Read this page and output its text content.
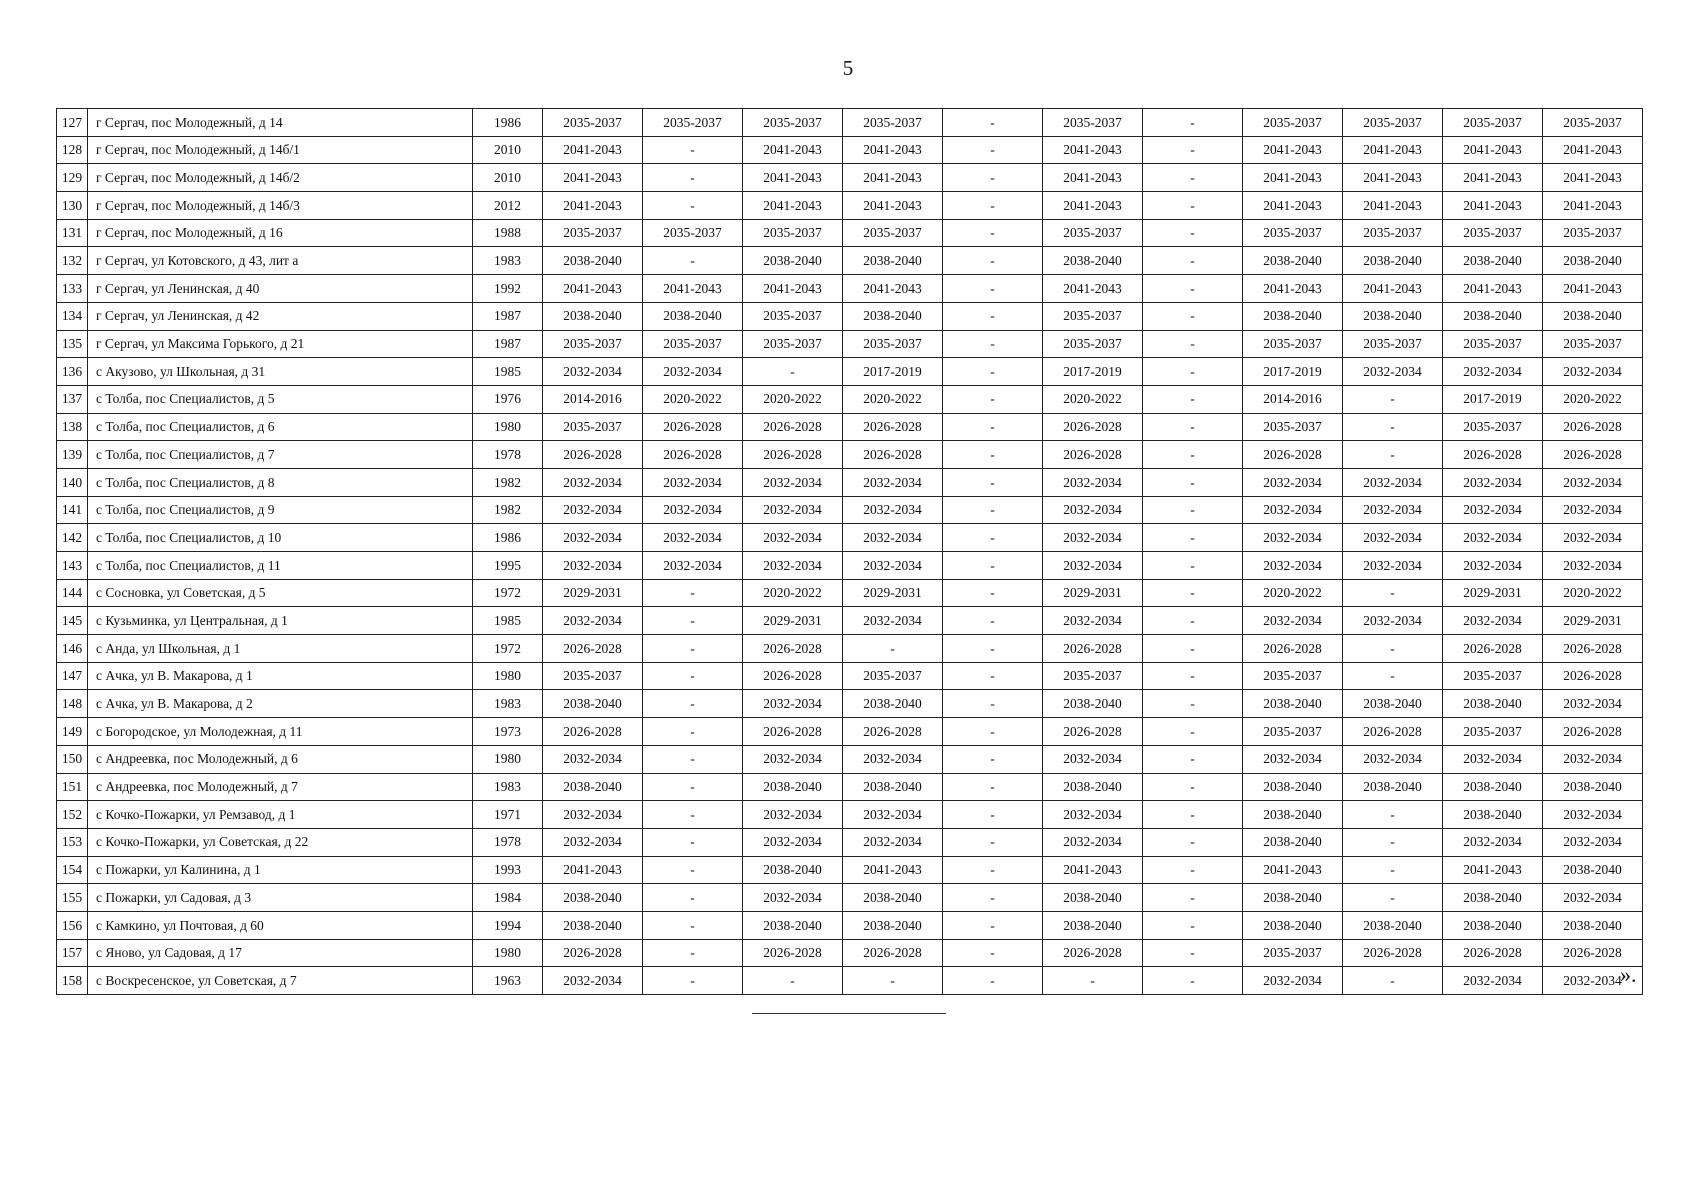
5
127	г Сергач, пос Молодежный, д 14	1986	2035-2037	2035-2037	2035-2037	2035-2037	-	2035-2037	-	2035-2037	2035-2037	2035-2037	2035-2037
128	г Сергач, пос Молодежный, д 14б/1	2010	2041-2043	-	2041-2043	2041-2043	-	2041-2043	-	2041-2043	2041-2043	2041-2043	2041-2043
129	г Сергач, пос Молодежный, д 14б/2	2010	2041-2043	-	2041-2043	2041-2043	-	2041-2043	-	2041-2043	2041-2043	2041-2043	2041-2043
130	г Сергач, пос Молодежный, д 14б/3	2012	2041-2043	-	2041-2043	2041-2043	-	2041-2043	-	2041-2043	2041-2043	2041-2043	2041-2043
131	г Сергач, пос Молодежный, д 16	1988	2035-2037	2035-2037	2035-2037	2035-2037	-	2035-2037	-	2035-2037	2035-2037	2035-2037	2035-2037
132	г Сергач, ул Котовского, д 43, лит а	1983	2038-2040	-	2038-2040	2038-2040	-	2038-2040	-	2038-2040	2038-2040	2038-2040	2038-2040
133	г Сергач, ул Ленинская, д 40	1992	2041-2043	2041-2043	2041-2043	2041-2043	-	2041-2043	-	2041-2043	2041-2043	2041-2043	2041-2043
134	г Сергач, ул Ленинская, д 42	1987	2038-2040	2038-2040	2035-2037	2038-2040	-	2035-2037	-	2038-2040	2038-2040	2038-2040	2038-2040
135	г Сергач, ул Максима Горького, д 21	1987	2035-2037	2035-2037	2035-2037	2035-2037	-	2035-2037	-	2035-2037	2035-2037	2035-2037	2035-2037
136	с Акузово, ул Школьная, д 31	1985	2032-2034	2032-2034	-	2017-2019	-	2017-2019	-	2017-2019	2032-2034	2032-2034	2032-2034
137	с Толба, пос Специалистов, д 5	1976	2014-2016	2020-2022	2020-2022	2020-2022	-	2020-2022	-	2014-2016	-	2017-2019	2020-2022
138	с Толба, пос Специалистов, д 6	1980	2035-2037	2026-2028	2026-2028	2026-2028	-	2026-2028	-	2035-2037	-	2035-2037	2026-2028
139	с Толба, пос Специалистов, д 7	1978	2026-2028	2026-2028	2026-2028	2026-2028	-	2026-2028	-	2026-2028	-	2026-2028	2026-2028
140	с Толба, пос Специалистов, д 8	1982	2032-2034	2032-2034	2032-2034	2032-2034	-	2032-2034	-	2032-2034	2032-2034	2032-2034	2032-2034
141	с Толба, пос Специалистов, д 9	1982	2032-2034	2032-2034	2032-2034	2032-2034	-	2032-2034	-	2032-2034	2032-2034	2032-2034	2032-2034
142	с Толба, пос Специалистов, д 10	1986	2032-2034	2032-2034	2032-2034	2032-2034	-	2032-2034	-	2032-2034	2032-2034	2032-2034	2032-2034
143	с Толба, пос Специалистов, д 11	1995	2032-2034	2032-2034	2032-2034	2032-2034	-	2032-2034	-	2032-2034	2032-2034	2032-2034	2032-2034
144	с Сосновка, ул Советская, д 5	1972	2029-2031	-	2020-2022	2029-2031	-	2029-2031	-	2020-2022	-	2029-2031	2020-2022
145	с Кузьминка, ул Центральная, д 1	1985	2032-2034	-	2029-2031	2032-2034	-	2032-2034	-	2032-2034	2032-2034	2032-2034	2029-2031
146	с Анда, ул Школьная, д 1	1972	2026-2028	-	2026-2028	-	-	2026-2028	-	2026-2028	-	2026-2028	2026-2028
147	с Ачка, ул В. Макарова, д 1	1980	2035-2037	-	2026-2028	2035-2037	-	2035-2037	-	2035-2037	-	2035-2037	2026-2028
148	с Ачка, ул В. Макарова, д 2	1983	2038-2040	-	2032-2034	2038-2040	-	2038-2040	-	2038-2040	2038-2040	2038-2040	2032-2034
149	с Богородское, ул Молодежная, д 11	1973	2026-2028	-	2026-2028	2026-2028	-	2026-2028	-	2035-2037	2026-2028	2035-2037	2026-2028
150	с Андреевка, пос Молодежный, д 6	1980	2032-2034	-	2032-2034	2032-2034	-	2032-2034	-	2032-2034	2032-2034	2032-2034	2032-2034
151	с Андреевка, пос Молодежный, д 7	1983	2038-2040	-	2038-2040	2038-2040	-	2038-2040	-	2038-2040	2038-2040	2038-2040	2038-2040
152	с Кочко-Пожарки, ул Ремзавод, д 1	1971	2032-2034	-	2032-2034	2032-2034	-	2032-2034	-	2038-2040	-	2038-2040	2032-2034
153	с Кочко-Пожарки, ул Советская, д 22	1978	2032-2034	-	2032-2034	2032-2034	-	2032-2034	-	2038-2040	-	2032-2034	2032-2034
154	с Пожарки, ул Калинина, д 1	1993	2041-2043	-	2038-2040	2041-2043	-	2041-2043	-	2041-2043	-	2041-2043	2038-2040
155	с Пожарки, ул Садовая, д 3	1984	2038-2040	-	2032-2034	2038-2040	-	2038-2040	-	2038-2040	-	2038-2040	2032-2034
156	с Камкино, ул Почтовая, д 60	1994	2038-2040	-	2038-2040	2038-2040	-	2038-2040	-	2038-2040	2038-2040	2038-2040	2038-2040
157	с Яново, ул Садовая, д 17	1980	2026-2028	-	2026-2028	2026-2028	-	2026-2028	-	2035-2037	2026-2028	2026-2028	2026-2028
158	с Воскресенское, ул Советская, д 7	1963	2032-2034	-	-	-	-	-	-	2032-2034	-	2032-2034	2032-2034
».
